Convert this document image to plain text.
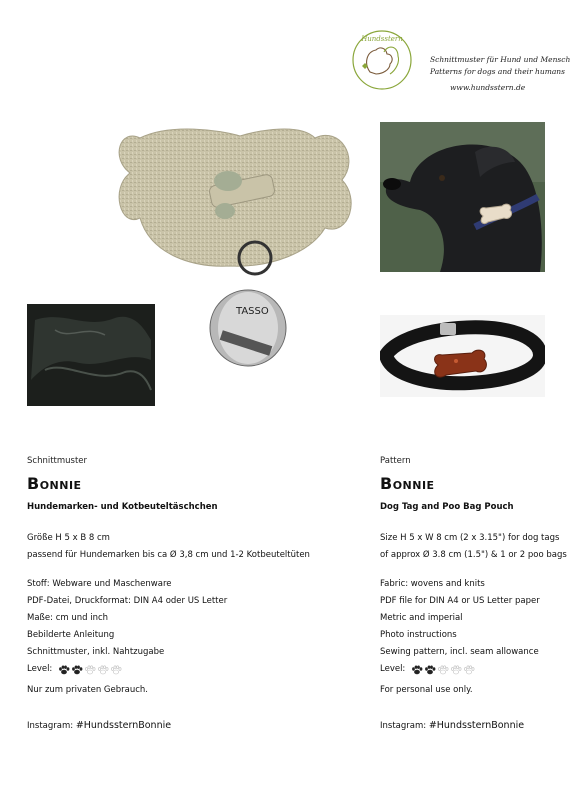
Hundsstern
Schnittmuster für Hund und Mensch
Patterns for dogs and their humans
www.hundsstern.de
TASSO
Schnittmuster
Bonnie
Hundemarken- und Kotbeuteltäschchen
Größe H 5 x B 8 cm
passend für Hundemarken bis ca Ø 3,8 cm und 1-2 Kotbeuteltüten
Stoff: Webware und Maschenware
PDF-Datei, Druckformat: DIN A4 oder US Letter
Maße: cm und inch
Bebilderte Anleitung
Schnittmuster, inkl. Nahtzugabe
Level:
Nur zum privaten Gebrauch.
Instagram: #HundssternBonnie
Pattern
Bonnie
Dog Tag and Poo Bag Pouch
Size H 5 x W 8 cm (2 x 3.15") for dog tags
of approx Ø 3.8 cm (1.5") & 1 or 2 poo bags
Fabric: wovens and knits
PDF file for DIN A4 or US Letter paper
Metric and imperial
Photo instructions
Sewing pattern, incl. seam allowance
Level:
For personal use only.
Instagram: #HundssternBonnie
